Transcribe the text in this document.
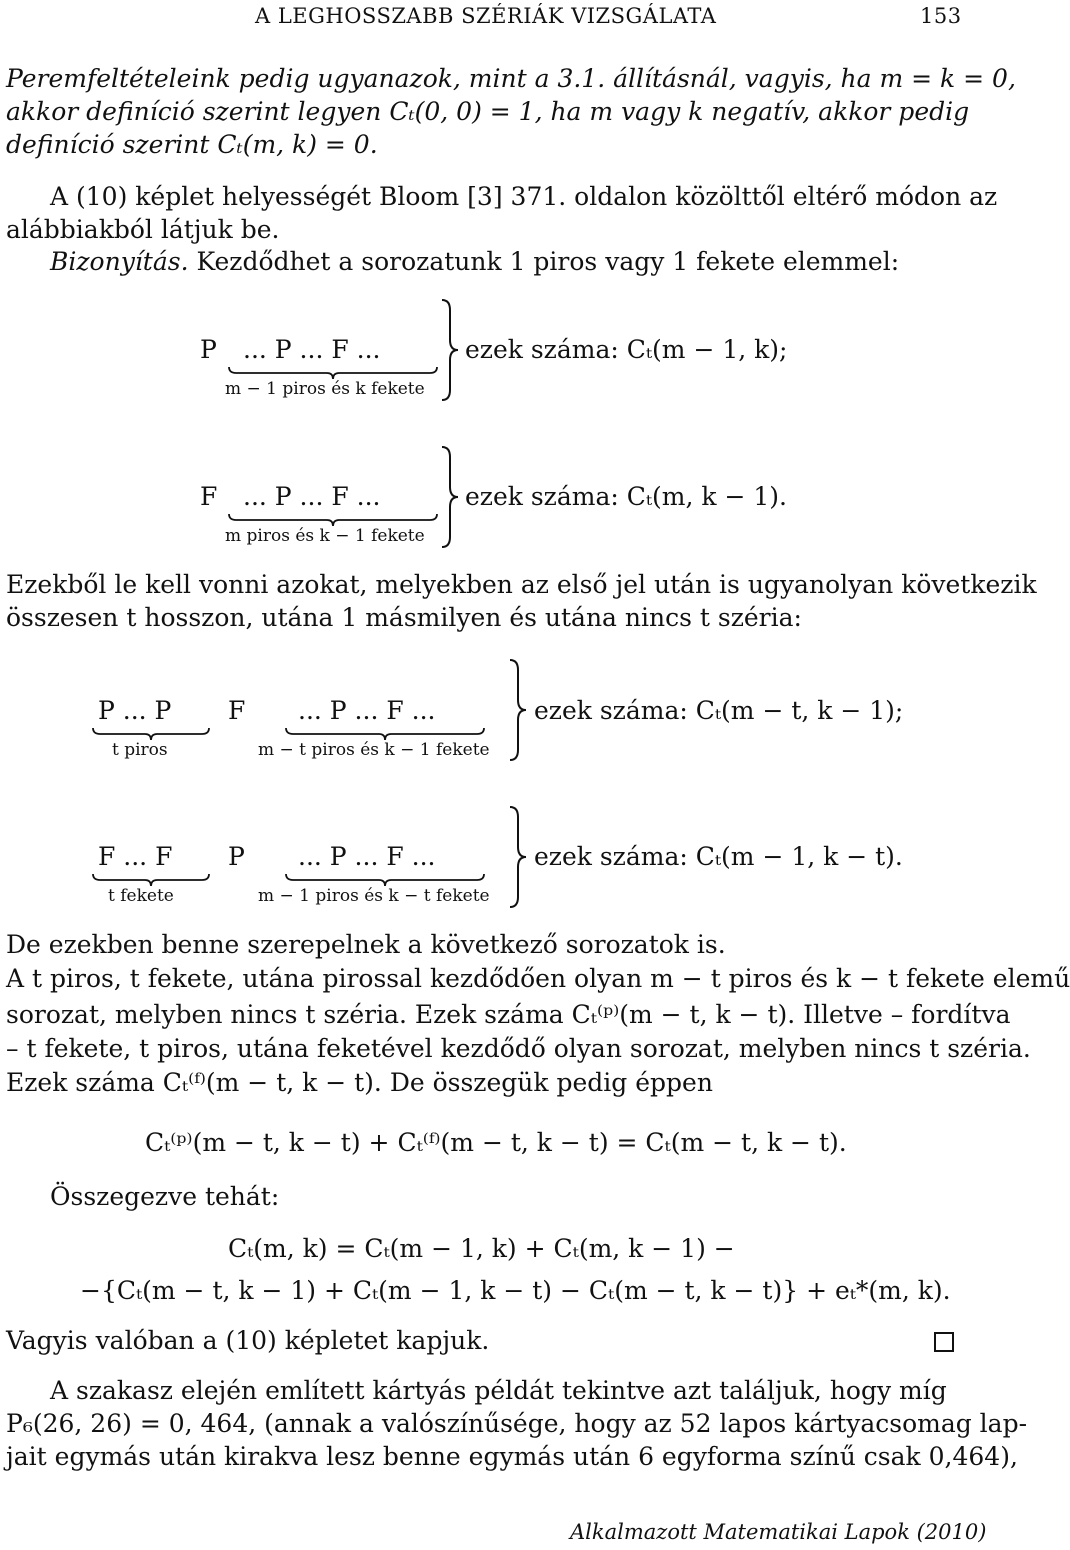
A LEGHOSSZABB SZÉRIÁK VIZSGÁLATA	153
Peremfeltételeink pedig ugyanazok, mint a 3.1. állításnál, vagyis, ha m = k = 0,
akkor definíció szerint legyen Cₜ(0, 0) = 1, ha m vagy k negatív, akkor pedig
definíció szerint Cₜ(m, k) = 0.
A (10) képlet helyességét Bloom [3] 371. oldalon közölttől eltérő módon az
alábbiakból látjuk be.
Bizonyítás. Kezdődhet a sorozatunk 1 piros vagy 1 fekete elemmel:
P ... P ... F ...
m − 1 piros és k fekete
ezek száma: Cₜ(m − 1, k);
F ... P ... F ...
m piros és k − 1 fekete
ezek száma: Cₜ(m, k − 1).
Ezekből le kell vonni azokat, melyekben az első jel után is ugyanolyan következik
összesen t hosszon, utána 1 másmilyen és utána nincs t széria:
P ... P
t piros
F ... P ... F ...
m − t piros és k − 1 fekete
ezek száma: Cₜ(m − t, k − 1);
F ... F
t fekete
P ... P ... F ...
m − 1 piros és k − t fekete
ezek száma: Cₜ(m − 1, k − t).
De ezekben benne szerepelnek a következő sorozatok is.
A t piros, t fekete, utána pirossal kezdődően olyan m − t piros és k − t fekete elemű
sorozat, melyben nincs t széria. Ezek száma Cₜ⁽ᵖ⁾(m − t, k − t). Illetve – fordítva
– t fekete, t piros, utána feketével kezdődő olyan sorozat, melyben nincs t széria.
Ezek száma Cₜ⁽ᶠ⁾(m − t, k − t). De összegük pedig éppen
Cₜ⁽ᵖ⁾(m − t, k − t) + Cₜ⁽ᶠ⁾(m − t, k − t) = Cₜ(m − t, k − t).
Összegezve tehát:
Cₜ(m, k) = Cₜ(m − 1, k) + Cₜ(m, k − 1) −
−{Cₜ(m − t, k − 1) + Cₜ(m − 1, k − t) − Cₜ(m − t, k − t)} + eₜ*(m, k).
Vagyis valóban a (10) képletet kapjuk.
A szakasz elején említett kártyás példát tekintve azt találjuk, hogy míg
P₆(26, 26) = 0, 464, (annak a valószínűsége, hogy az 52 lapos kártyacsomag lap-
jait egymás után kirakva lesz benne egymás után 6 egyforma színű csak 0,464),
Alkalmazott Matematikai Lapok (2010)
